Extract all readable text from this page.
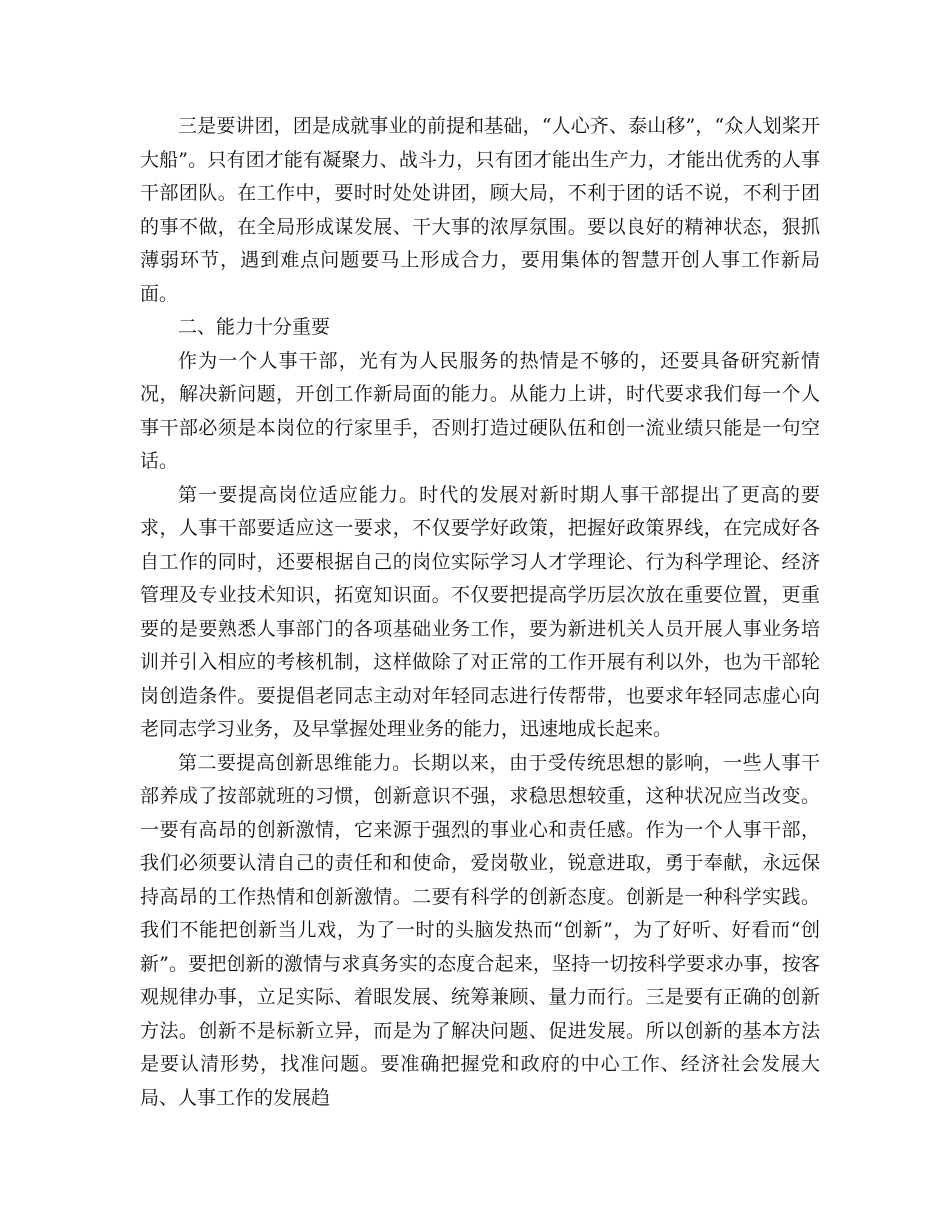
三是要讲团，团是成就事业的前提和基础，“人心齐、泰山移”，“众人划桨开大船”。只有团才能有凝聚力、战斗力，只有团才能出生产力，才能出优秀的人事干部团队。在工作中，要时时处处讲团，顾大局，不利于团的话不说，不利于团的事不做，在全局形成谋发展、干大事的浓厚氛围。要以良好的精神状态，狠抓薄弱环节，遇到难点问题要马上形成合力，要用集体的智慧开创人事工作新局面。

二、能力十分重要

作为一个人事干部，光有为人民服务的热情是不够的，还要具备研究新情况，解决新问题，开创工作新局面的能力。从能力上讲，时代要求我们每一个人事干部必须是本岗位的行家里手，否则打造过硬队伍和创一流业绩只能是一句空话。

第一要提高岗位适应能力。时代的发展对新时期人事干部提出了更高的要求，人事干部要适应这一要求，不仅要学好政策，把握好政策界线，在完成好各自工作的同时，还要根据自己的岗位实际学习人才学理论、行为科学理论、经济管理及专业技术知识，拓宽知识面。不仅要把提高学历层次放在重要位置，更重要的是要熟悉人事部门的各项基础业务工作，要为新进机关人员开展人事业务培训并引入相应的考核机制，这样做除了对正常的工作开展有利以外，也为干部轮岗创造条件。要提倡老同志主动对年轻同志进行传帮带，也要求年轻同志虚心向老同志学习业务，及早掌握处理业务的能力，迅速地成长起来。

第二要提高创新思维能力。长期以来，由于受传统思想的影响，一些人事干部养成了按部就班的习惯，创新意识不强，求稳思想较重，这种状况应当改变。一要有高昂的创新激情，它来源于强烈的事业心和责任感。作为一个人事干部，我们必须要认清自己的责任和和使命，爱岗敬业，锐意进取，勇于奉献，永远保持高昂的工作热情和创新激情。二要有科学的创新态度。创新是一种科学实践。我们不能把创新当儿戏，为了一时的头脑发热而“创新”，为了好听、好看而“创新”。要把创新的激情与求真务实的态度合起来，坚持一切按科学要求办事，按客观规律办事，立足实际、着眼发展、统筹兼顾、量力而行。三是要有正确的创新方法。创新不是标新立异，而是为了解决问题、促进发展。所以创新的基本方法是要认清形势，找准问题。要准确把握党和政府的中心工作、经济社会发展大局、人事工作的发展趋
